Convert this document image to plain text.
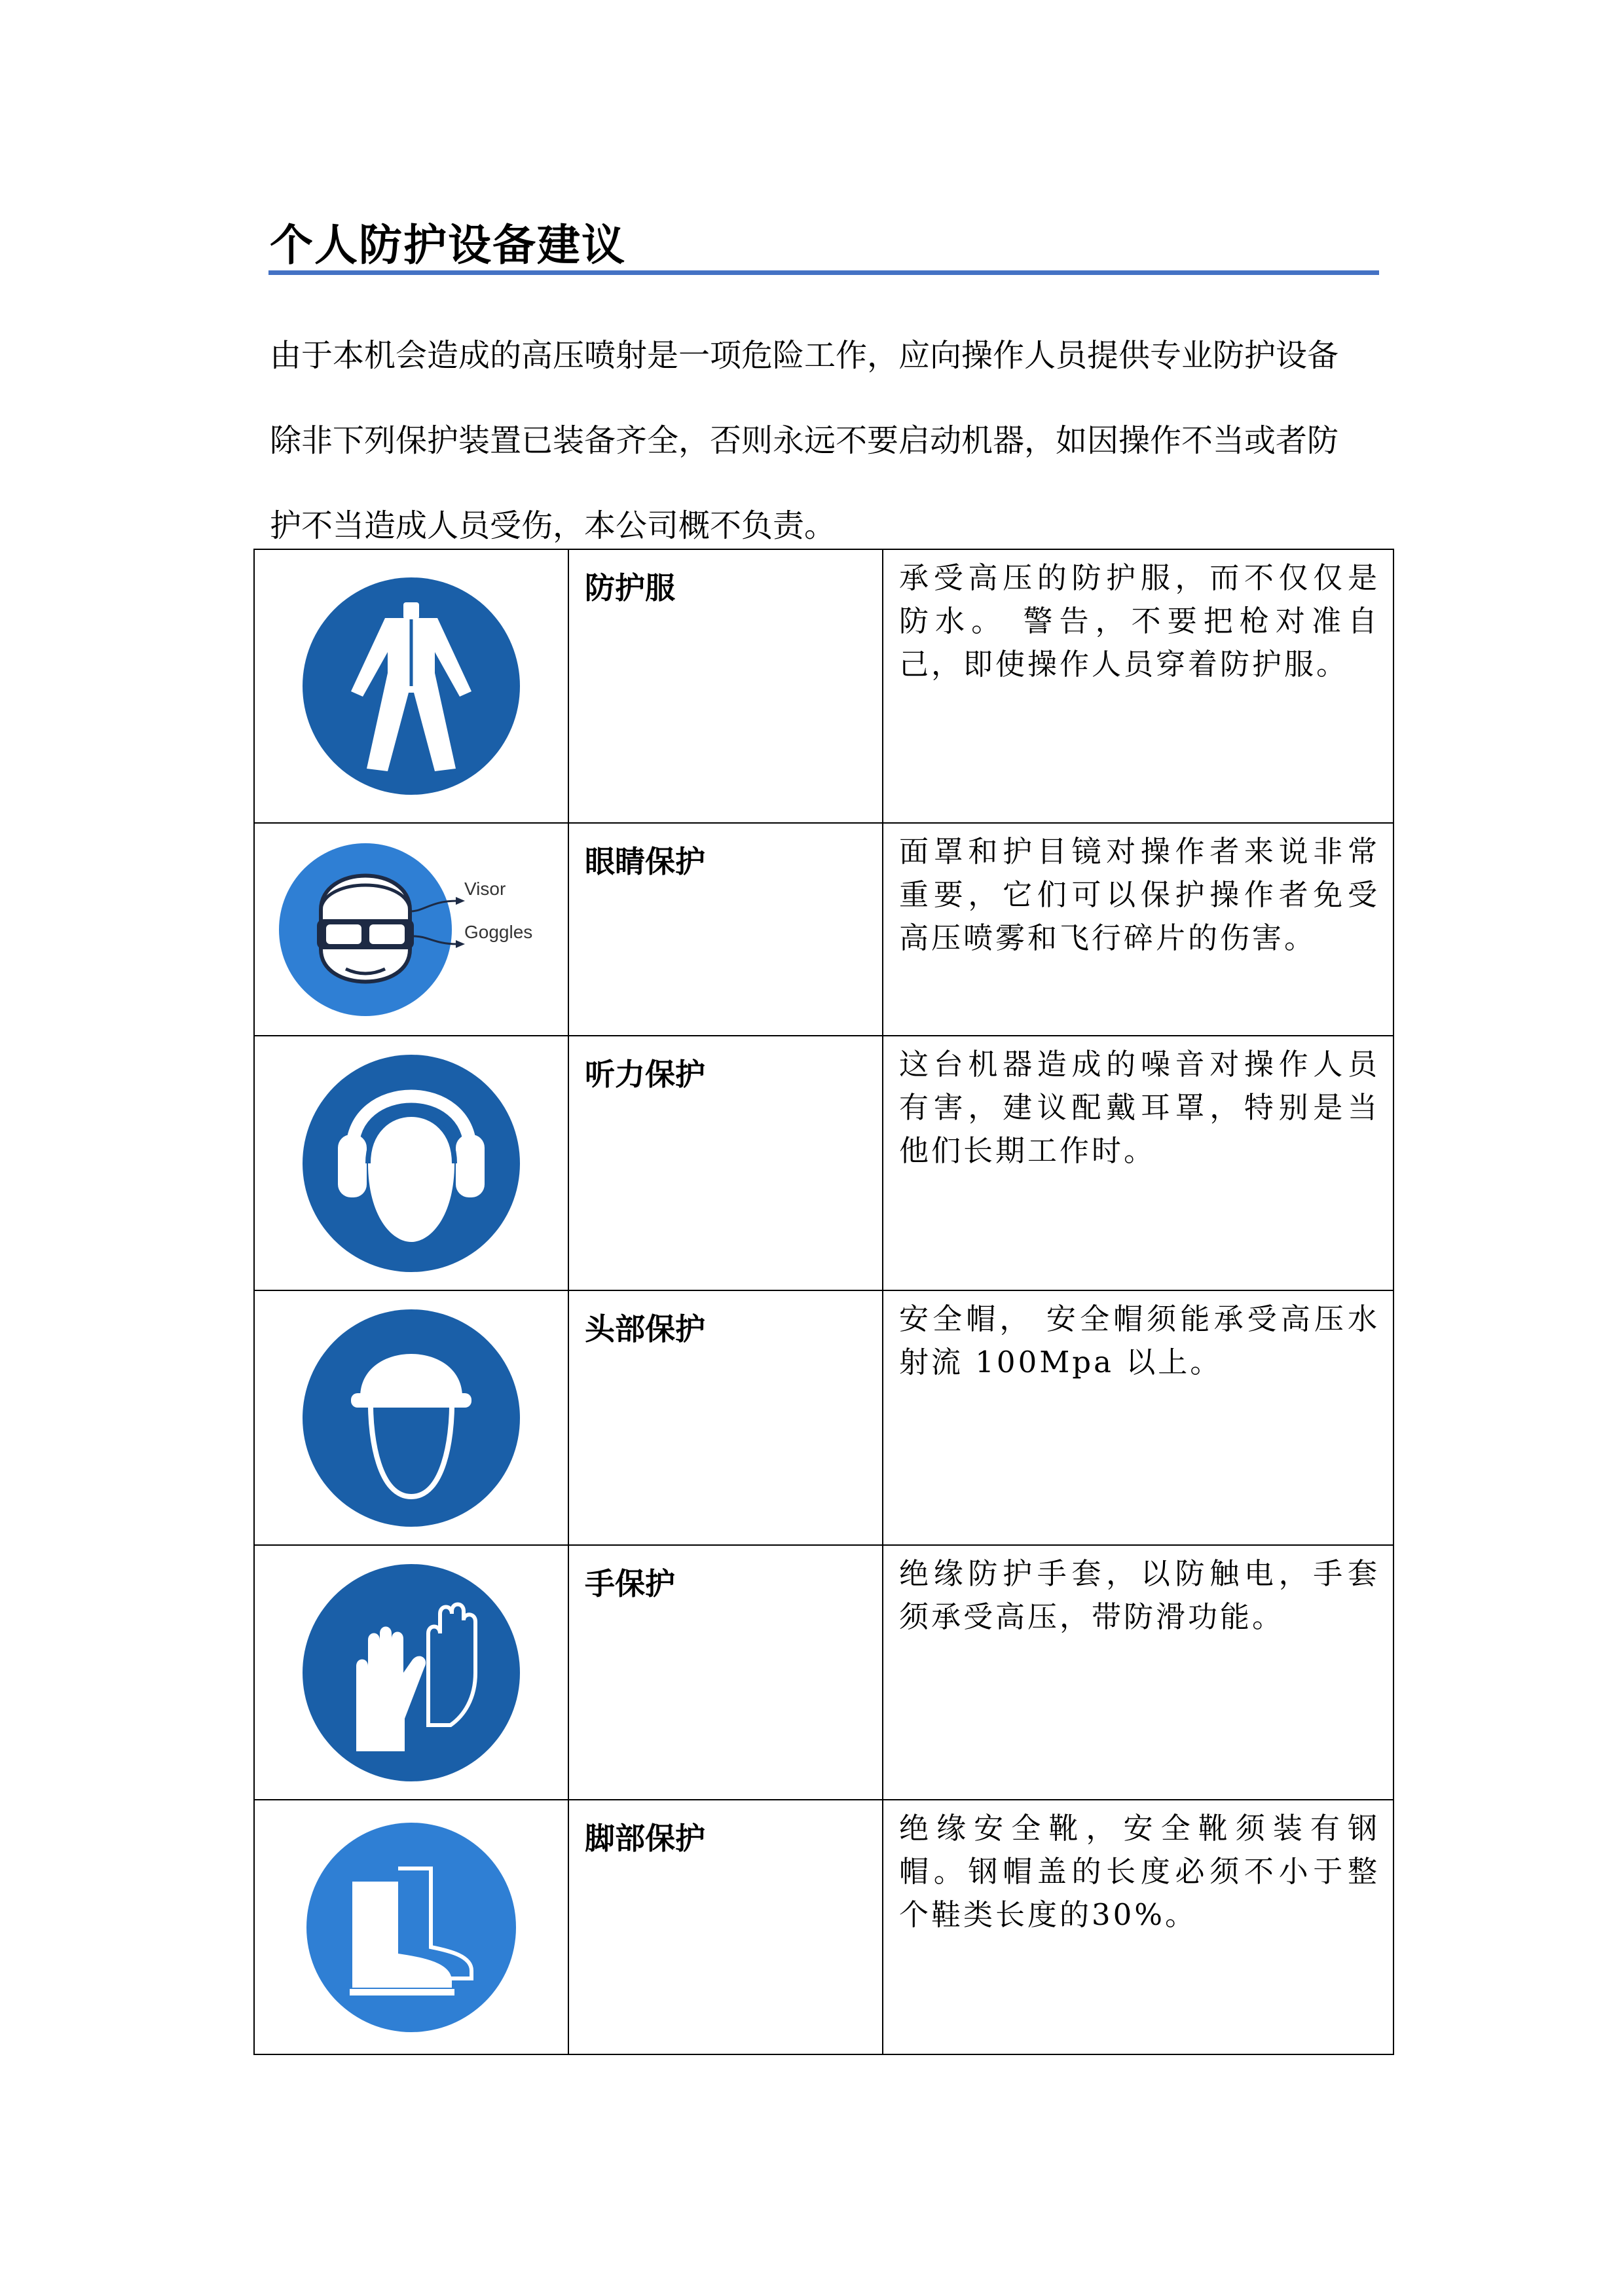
个人防护设备建议
由于本机会造成的高压喷射是一项危险工作，应向操作人员提供专业防护设备
除非下列保护装置已装备齐全，否则永远不要启动机器，如因操作不当或者防
护不当造成人员受伤，本公司概不负责。
	防护服	承受高压的防护服，而不仅仅是防水。 警告，不要把枪对准自己，即使操作人员穿着防护服。

Visor
Goggles	眼睛保护	面罩和护目镜对操作者来说非常重要，它们可以保护操作者免受高压喷雾和飞行碎片的伤害。

	听力保护	这台机器造成的噪音对操作人员有害，建议配戴耳罩，特别是当他们长期工作时。

	头部保护	安全帽， 安全帽须能承受高压水射流 100Mpa 以上。

	手保护	绝缘防护手套，以防触电，手套须承受高压，带防滑功能。

	脚部保护	绝缘安全靴，安全靴须装有钢帽。钢帽盖的长度必须不小于整个鞋类长度的30%。
